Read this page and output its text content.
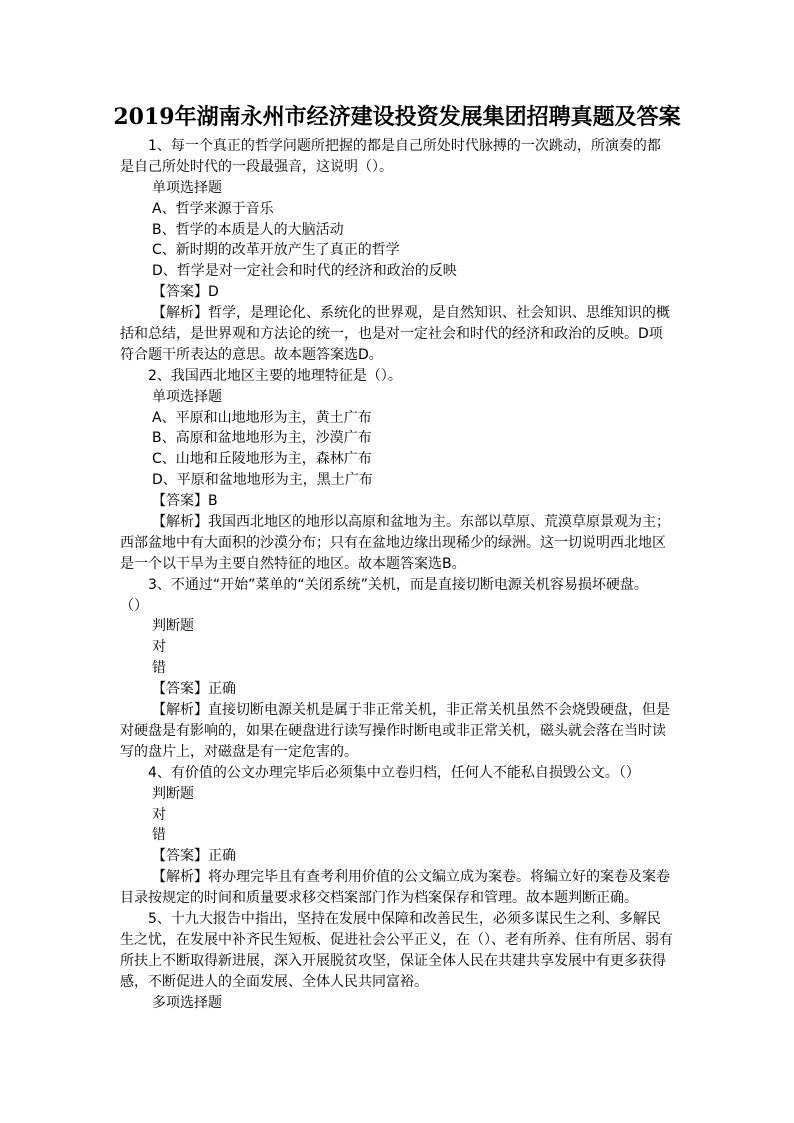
2019年湖南永州市经济建设投资发展集团招聘真题及答案
1、每一个真正的哲学问题所把握的都是自己所处时代脉搏的一次跳动，所演奏的都
是自己所处时代的一段最强音，这说明（）。
单项选择题
A、哲学来源于音乐
B、哲学的本质是人的大脑活动
C、新时期的改革开放产生了真正的哲学
D、哲学是对一定社会和时代的经济和政治的反映
【答案】D
【解析】哲学，是理论化、系统化的世界观，是自然知识、社会知识、思维知识的概
括和总结，是世界观和方法论的统一，也是对一定社会和时代的经济和政治的反映。D项
符合题干所表达的意思。故本题答案选D。
2、我国西北地区主要的地理特征是（）。
单项选择题
A、平原和山地地形为主，黄土广布
B、高原和盆地地形为主，沙漠广布
C、山地和丘陵地形为主，森林广布
D、平原和盆地地形为主，黑土广布
【答案】B
【解析】我国西北地区的地形以高原和盆地为主。东部以草原、荒漠草原景观为主；
西部盆地中有大面积的沙漠分布；只有在盆地边缘出现稀少的绿洲。这一切说明西北地区
是一个以干旱为主要自然特征的地区。故本题答案选B。
3、不通过“开始”菜单的“关闭系统”关机，而是直接切断电源关机容易损坏硬盘。
（）
判断题
对
错
【答案】正确
【解析】直接切断电源关机是属于非正常关机，非正常关机虽然不会烧毁硬盘，但是
对硬盘是有影响的，如果在硬盘进行读写操作时断电或非正常关机，磁头就会落在当时读
写的盘片上，对磁盘是有一定危害的。
4、有价值的公文办理完毕后必须集中立卷归档，任何人不能私自损毁公文。（）
判断题
对
错
【答案】正确
【解析】将办理完毕且有查考利用价值的公文编立成为案卷。将编立好的案卷及案卷
目录按规定的时间和质量要求移交档案部门作为档案保存和管理。故本题判断正确。
5、十九大报告中指出，坚持在发展中保障和改善民生，必须多谋民生之利、多解民
生之忧，在发展中补齐民生短板、促进社会公平正义，在（）、老有所养、住有所居、弱有
所扶上不断取得新进展，深入开展脱贫攻坚，保证全体人民在共建共享发展中有更多获得
感，不断促进人的全面发展、全体人民共同富裕。
多项选择题
